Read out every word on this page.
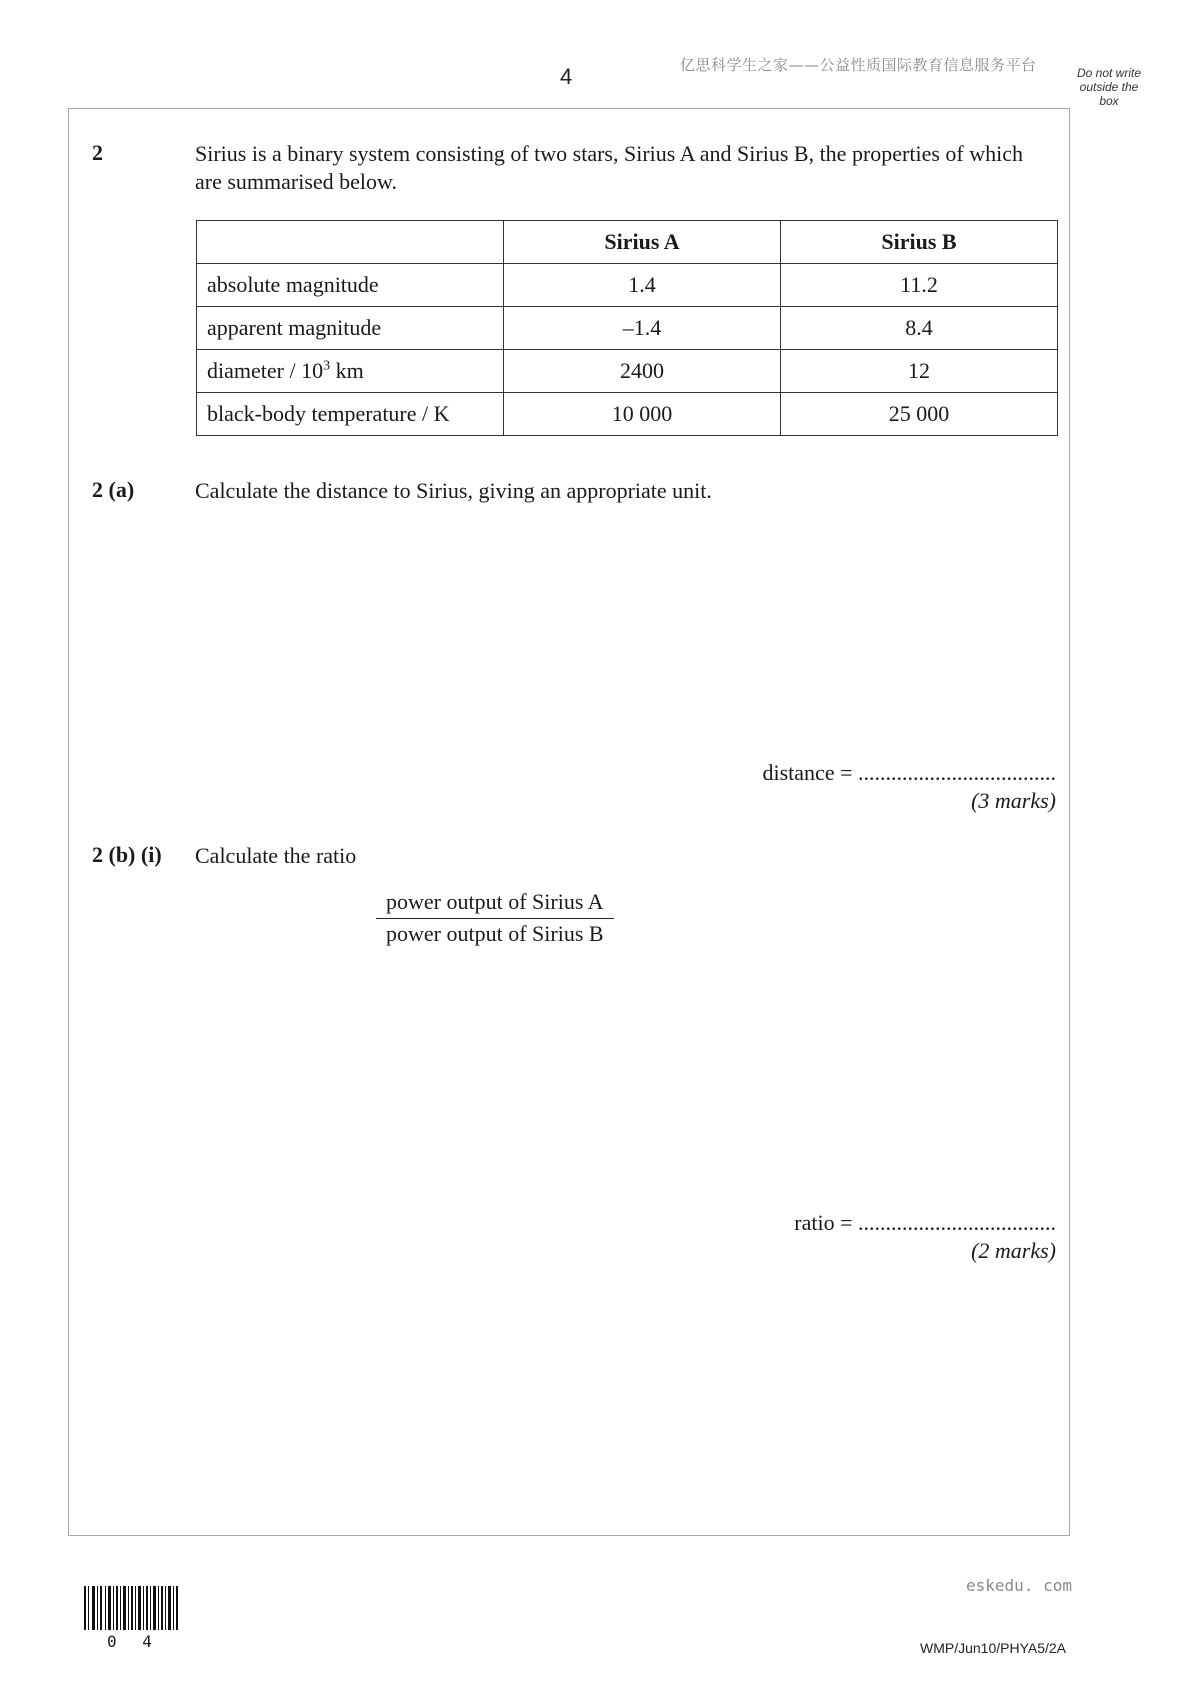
4	亿思科学生之家——公益性质国际教育信息服务平台	Do not write
outside the
box
2	Sirius is a binary system consisting of two stars, Sirius A and Sirius B, the properties of which are summarised below.
	Sirius A	Sirius B
absolute magnitude	1.4	11.2
apparent magnitude	–1.4	8.4
diameter / $10^3$ km	2400	12
black-body temperature / K	10 000	25 000
2 (a)	Calculate the distance to Sirius, giving an appropriate unit.
distance = ....................................
(3 marks)
2 (b) (i) Calculate the ratio
power output of Sirius A
power output of Sirius B
ratio = ....................................
(2 marks)
eskedu. com
0 4	WMP/Jun10/PHYA5/2A
